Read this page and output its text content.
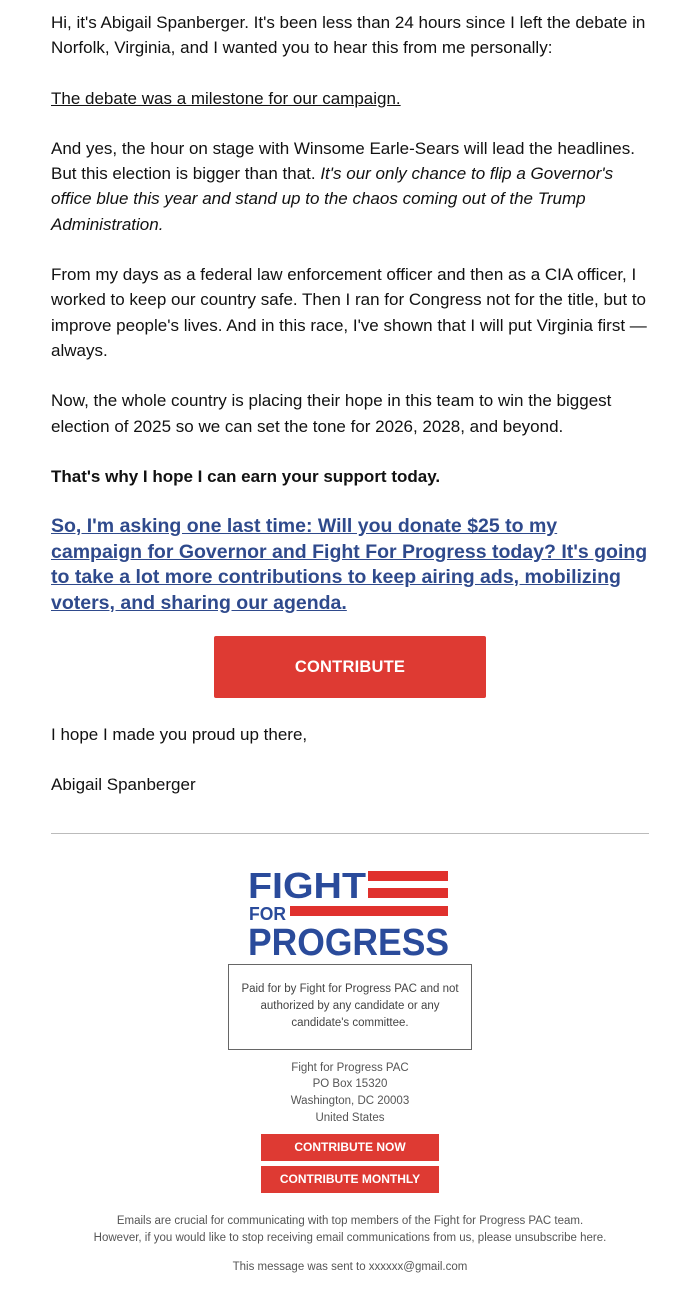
Hi, it's Abigail Spanberger. It's been less than 24 hours since I left the debate in Norfolk, Virginia, and I wanted you to hear this from me personally:

The debate was a milestone for our campaign.

And yes, the hour on stage with Winsome Earle-Sears will lead the headlines. But this election is bigger than that. It's our only chance to flip a Governor's office blue this year and stand up to the chaos coming out of the Trump Administration.

From my days as a federal law enforcement officer and then as a CIA officer, I worked to keep our country safe. Then I ran for Congress not for the title, but to improve people's lives. And in this race, I've shown that I will put Virginia first — always.

Now, the whole country is placing their hope in this team to win the biggest election of 2025 so we can set the tone for 2026, 2028, and beyond.

That's why I hope I can earn your support today.

So, I'm asking one last time: Will you donate $25 to my campaign for Governor and Fight For Progress today? It's going to take a lot more contributions to keep airing ads, mobilizing voters, and sharing our agenda.

CONTRIBUTE

I hope I made you proud up there,

Abigail Spanberger

FIGHT
FOR
PROGRESS
Paid for by Fight for Progress PAC and not authorized by any candidate or any candidate's committee.
Fight for Progress PAC
PO Box 15320
Washington, DC 20003
United States
CONTRIBUTE NOW
CONTRIBUTE MONTHLY
Emails are crucial for communicating with top members of the Fight for Progress PAC team.
However, if you would like to stop receiving email communications from us, please unsubscribe here.
This message was sent to xxxxxx@gmail.com
